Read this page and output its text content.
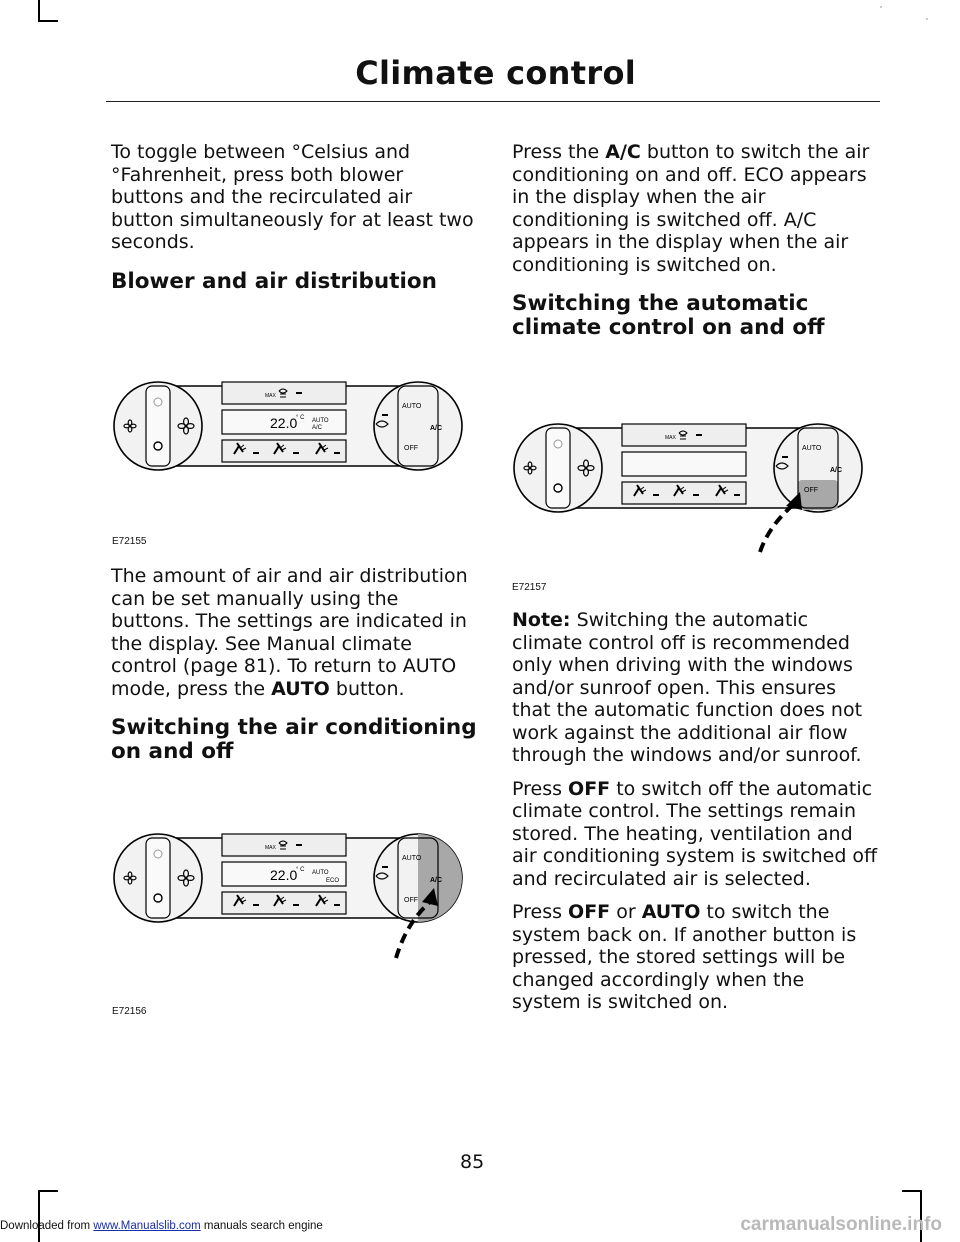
Climate control

To toggle between °Celsius and °Fahrenheit, press both blower buttons and the recirculated air button simultaneously for at least two seconds.

Blower and air distribution
AUTO
A/C
OFF
MAX
22.0
° C AUTO
A/C
E72155

The amount of air and air distribution can be set manually using the buttons. The settings are indicated in the display. See Manual climate control (page 81). To return to AUTO mode, press the AUTO button.

Switching the air conditioning on and off
AUTO
A/C
OFF
MAX
22.0
° C AUTO
ECO
E72156

Press the A/C button to switch the air conditioning on and off. ECO appears in the display when the air conditioning is switched off. A/C appears in the display when the air conditioning is switched on.

Switching the automatic climate control on and off
AUTO
A/C
OFF
MAX
E72157

Note: Switching the automatic climate control off is recommended only when driving with the windows and/or sunroof open. This ensures that the automatic function does not work against the additional air flow through the windows and/or sunroof.

Press OFF to switch off the automatic climate control. The settings remain stored. The heating, ventilation and air conditioning system is switched off and recirculated air is selected.

Press OFF or AUTO to switch the system back on. If another button is pressed, the stored settings will be changed accordingly when the system is switched on.

85
Downloaded from www.Manualslib.com manuals search engine	carmanualsonline.info
